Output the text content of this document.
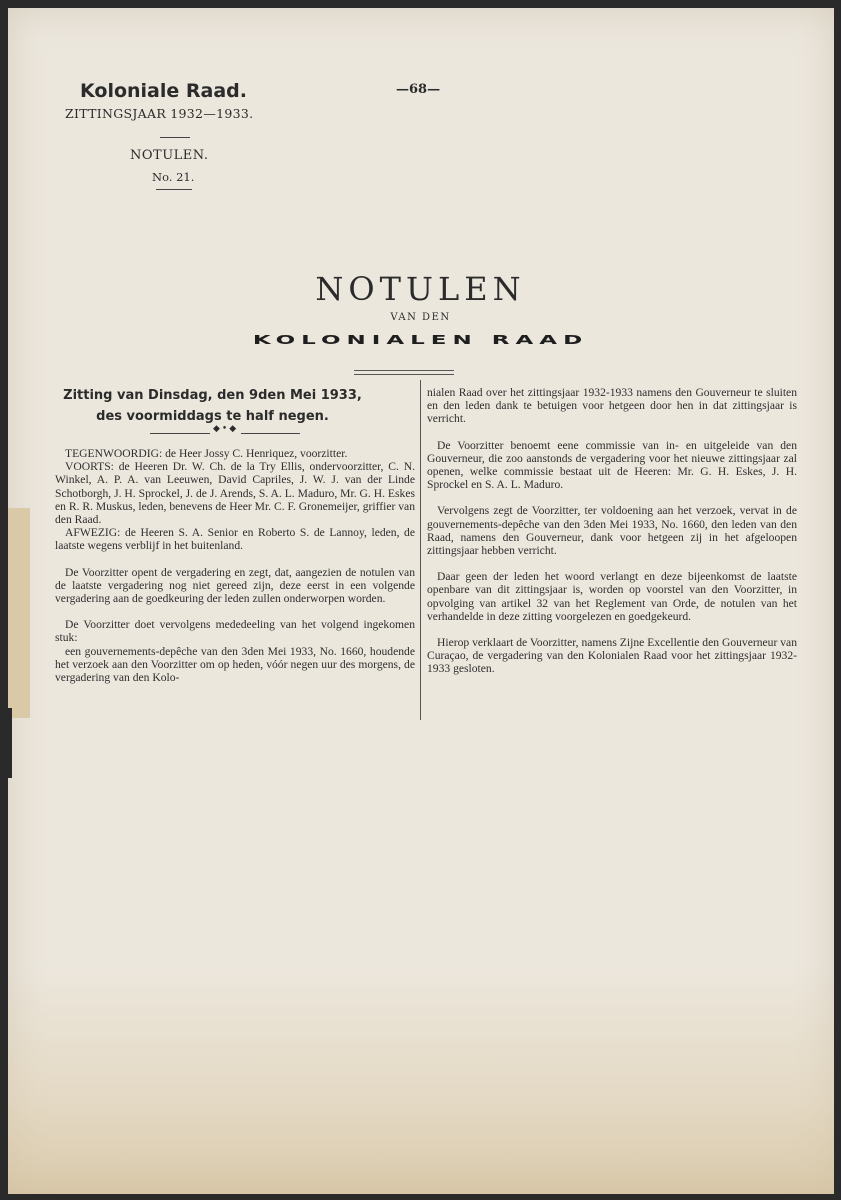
Koloniale Raad.
ZITTINGSJAAR 1932—1933.
NOTULEN.
No. 21.
—68—
NOTULEN
VAN DEN
KOLONIALEN RAAD
Zitting van Dinsdag, den 9den Mei 1933,
des voormiddags te half negen.
◆•◆

TEGENWOORDIG: de Heer Jossy C. Henriquez, voorzitter.

VOORTS: de Heeren Dr. W. Ch. de la Try Ellis, ondervoorzitter, C. N. Winkel, A. P. A. van Leeuwen, David Capriles, J. W. J. van der Linde Schotborgh, J. H. Sprockel, J. de J. Arends, S. A. L. Maduro, Mr. G. H. Eskes en R. R. Muskus, leden, benevens de Heer Mr. C. F. Gronemeijer, griffier van den Raad.

AFWEZIG: de Heeren S. A. Senior en Roberto S. de Lannoy, leden, de laatste wegens verblijf in het buitenland.

De Voorzitter opent de vergadering en zegt, dat, aangezien de notulen van de laatste vergadering nog niet gereed zijn, deze eerst in een volgende vergadering aan de goedkeuring der leden zullen onderworpen worden.

De Voorzitter doet vervolgens mededeeling van het volgend ingekomen stuk:

een gouvernements-depêche van den 3den Mei 1933, No. 1660, houdende het verzoek aan den Voorzitter om op heden, vóór negen uur des morgens, de vergadering van den Kolo-

nialen Raad over het zittingsjaar 1932-1933 namens den Gouverneur te sluiten en den leden dank te betuigen voor hetgeen door hen in dat zittingsjaar is verricht.

De Voorzitter benoemt eene commissie van in- en uitgeleide van den Gouverneur, die zoo aanstonds de vergadering voor het nieuwe zittingsjaar zal openen, welke commissie bestaat uit de Heeren: Mr. G. H. Eskes, J. H. Sprockel en S. A. L. Maduro.

Vervolgens zegt de Voorzitter, ter voldoening aan het verzoek, vervat in de gouvernements-depêche van den 3den Mei 1933, No. 1660, den leden van den Raad, namens den Gouverneur, dank voor hetgeen zij in het afgeloopen zittingsjaar hebben verricht.

Daar geen der leden het woord verlangt en deze bijeenkomst de laatste openbare van dit zittingsjaar is, worden op voorstel van den Voorzitter, in opvolging van artikel 32 van het Reglement van Orde, de notulen van het verhandelde in deze zitting voorgelezen en goedgekeurd.

Hierop verklaart de Voorzitter, namens Zijne Excellentie den Gouverneur van Curaçao, de vergadering van den Kolonialen Raad voor het zittingsjaar 1932-1933 gesloten.
